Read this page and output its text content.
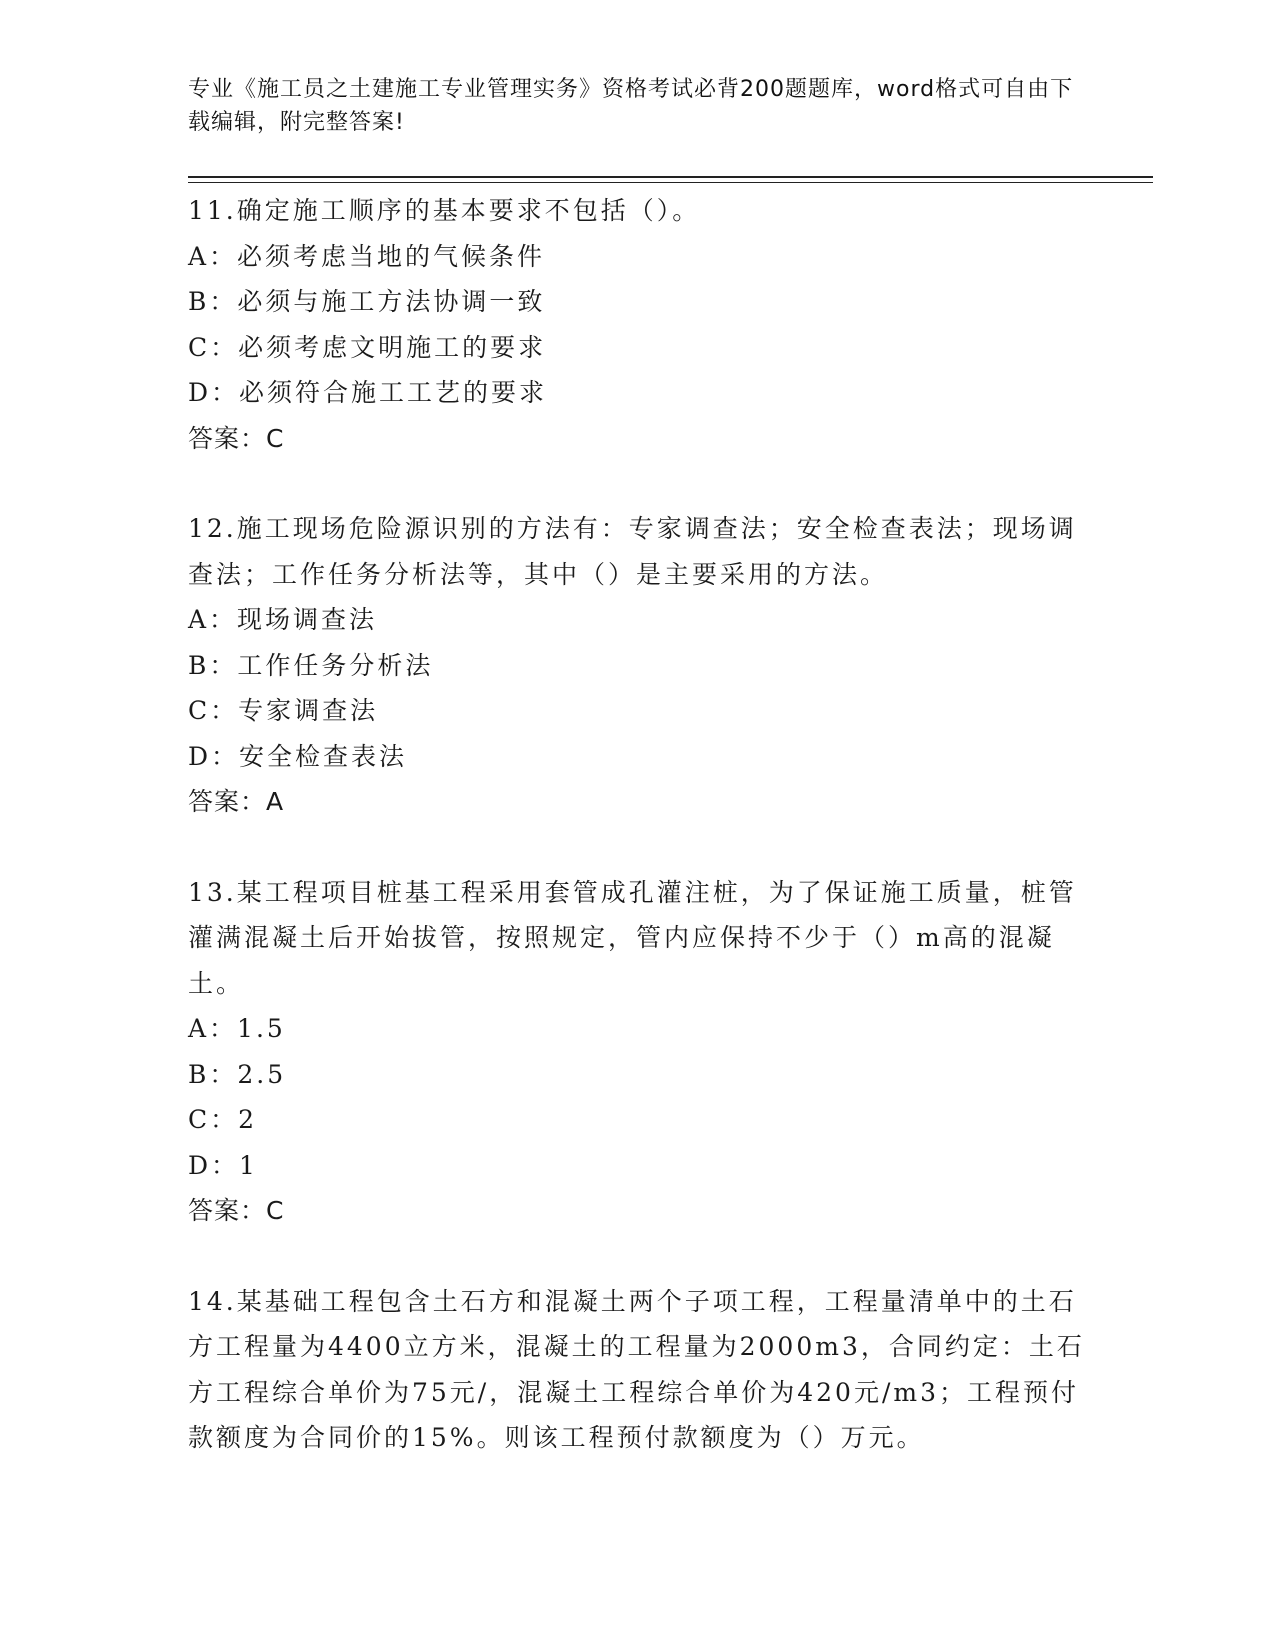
专业《施工员之土建施工专业管理实务》资格考试必背200题题库，word格式可自由下载编辑，附完整答案!

11.确定施工顺序的基本要求不包括（）。

A：必须考虑当地的气候条件

B：必须与施工方法协调一致

C：必须考虑文明施工的要求

D：必须符合施工工艺的要求

答案：C

12.施工现场危险源识别的方法有：专家调查法；安全检查表法；现场调查法；工作任务分析法等，其中（）是主要采用的方法。

A：现场调查法

B：工作任务分析法

C：专家调查法

D：安全检查表法

答案：A

13.某工程项目桩基工程采用套管成孔灌注桩，为了保证施工质量，桩管灌满混凝土后开始拔管，按照规定，管内应保持不少于（）m高的混凝土。

A：1.5

B：2.5

C：2

D：1

答案：C

14.某基础工程包含土石方和混凝土两个子项工程，工程量清单中的土石方工程量为4400立方米，混凝土的工程量为2000m3，合同约定：土石方工程综合单价为75元/，混凝土工程综合单价为420元/m3；工程预付款额度为合同价的15%。则该工程预付款额度为（）万元。
